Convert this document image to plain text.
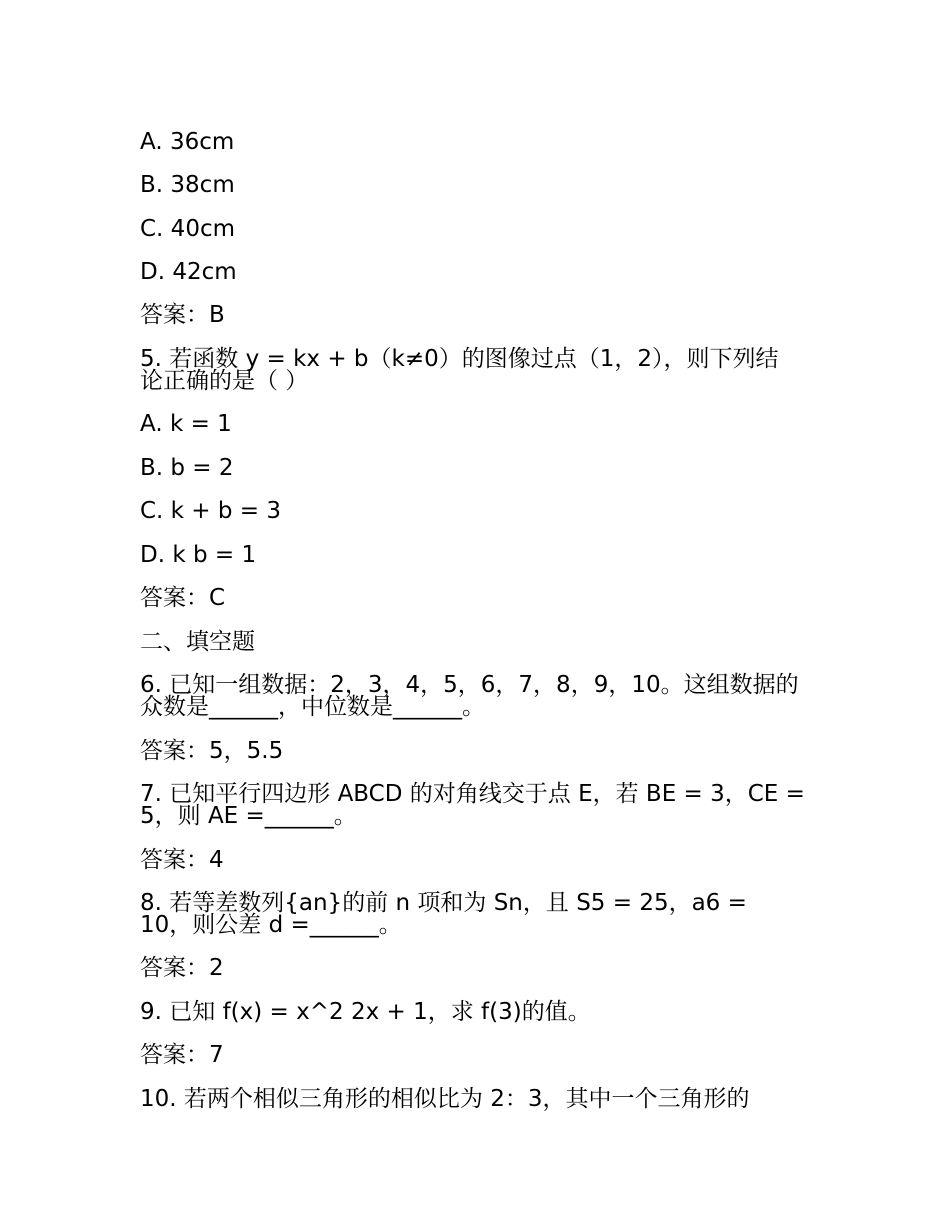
A. 36cm
B. 38cm
C. 40cm
D. 42cm
答案：B
5. 若函数 y = kx + b（k≠0）的图像过点（1，2），则下列结论正确的是（ ）
A. k = 1
B. b = 2
C. k + b = 3
D. k b = 1
答案：C
二、填空题
6. 已知一组数据：2，3，4，5，6，7，8，9，10。这组数据的众数是______，中位数是______。
答案：5，5.5
7. 已知平行四边形 ABCD 的对角线交于点 E，若 BE = 3，CE = 5，则 AE =______。
答案：4
8. 若等差数列{an}的前 n 项和为 Sn，且 S5 = 25，a6 = 10，则公差 d =______。
答案：2
9. 已知 f(x) = x^2 2x + 1，求 f(3)的值。
答案：7
10. 若两个相似三角形的相似比为 2：3，其中一个三角形的
